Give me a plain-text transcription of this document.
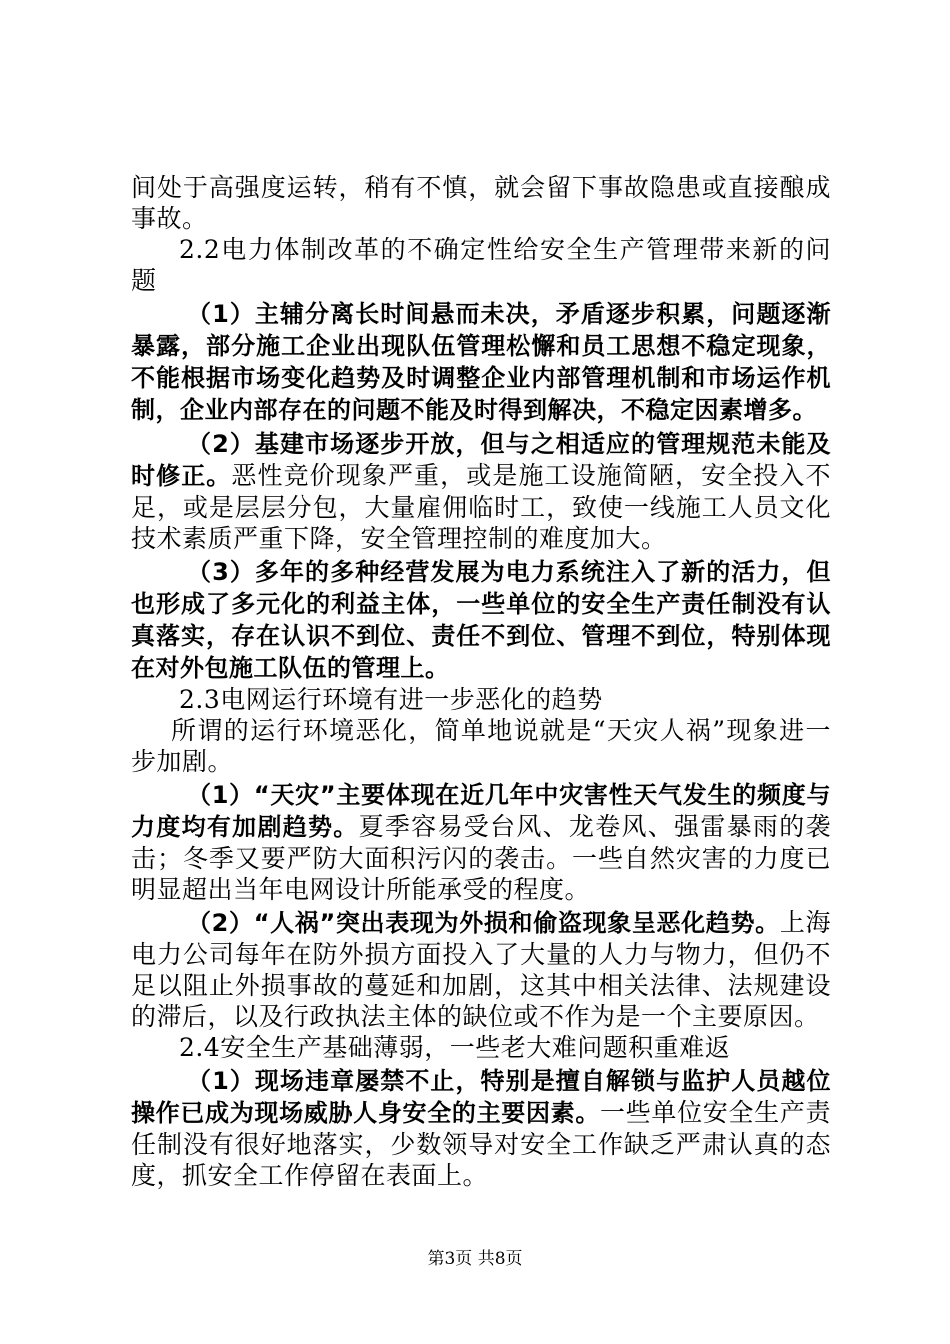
间处于高强度运转，稍有不慎，就会留下事故隐患或直接酿成事故。

2.2电力体制改革的不确定性给安全生产管理带来新的问题

（1）主辅分离长时间悬而未决，矛盾逐步积累，问题逐渐暴露，部分施工企业出现队伍管理松懈和员工思想不稳定现象，不能根据市场变化趋势及时调整企业内部管理机制和市场运作机制，企业内部存在的问题不能及时得到解决，不稳定因素增多。

（2）基建市场逐步开放，但与之相适应的管理规范未能及时修正。恶性竞价现象严重，或是施工设施简陋，安全投入不足，或是层层分包，大量雇佣临时工，致使一线施工人员文化技术素质严重下降，安全管理控制的难度加大。

（3）多年的多种经营发展为电力系统注入了新的活力，但也形成了多元化的利益主体，一些单位的安全生产责任制没有认真落实，存在认识不到位、责任不到位、管理不到位，特别体现在对外包施工队伍的管理上。

2.3电网运行环境有进一步恶化的趋势

所谓的运行环境恶化，简单地说就是“天灾人祸”现象进一步加剧。

（1）“天灾”主要体现在近几年中灾害性天气发生的频度与力度均有加剧趋势。夏季容易受台风、龙卷风、强雷暴雨的袭击；冬季又要严防大面积污闪的袭击。一些自然灾害的力度已明显超出当年电网设计所能承受的程度。

（2）“人祸”突出表现为外损和偷盗现象呈恶化趋势。上海电力公司每年在防外损方面投入了大量的人力与物力，但仍不足以阻止外损事故的蔓延和加剧，这其中相关法律、法规建设的滞后，以及行政执法主体的缺位或不作为是一个主要原因。

2.4安全生产基础薄弱，一些老大难问题积重难返

（1）现场违章屡禁不止，特别是擅自解锁与监护人员越位操作已成为现场威胁人身安全的主要因素。一些单位安全生产责任制没有很好地落实，少数领导对安全工作缺乏严肃认真的态度，抓安全工作停留在表面上。

第3页 共8页
